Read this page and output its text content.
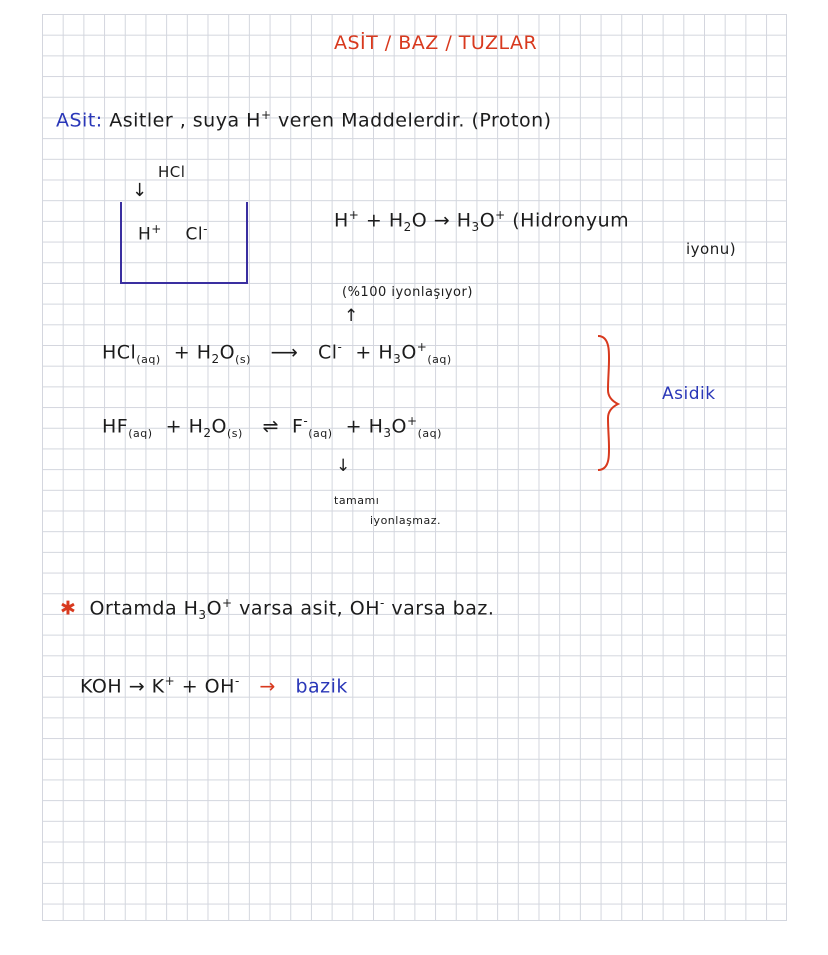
ASİT / BAZ / TUZLAR
ASit: Asitler , suya H+ veren Maddelerdir. (Proton)
HCl
↓
H+ Cl-	$H^+ + H_2O \to H_3O^+$ (Hidronyum
iyonu)
(%100 iyonlaşıyor)
↑
$HCl_{(aq)} + H_2O_{(s)}$ ⟶ $Cl^- + H_3O^+_{(aq)}$
$HF_{(aq)} + H_2O_{(s)}$ ⇌ $F^-_{(aq)} + H_3O^+_{(aq)}$
Asidik
↓
tamamı
iyonlaşmaz.
✱ Ortamda $H_3O^+$ varsa asit, OH- varsa baz.
KOH → K+ + OH- → bazik
